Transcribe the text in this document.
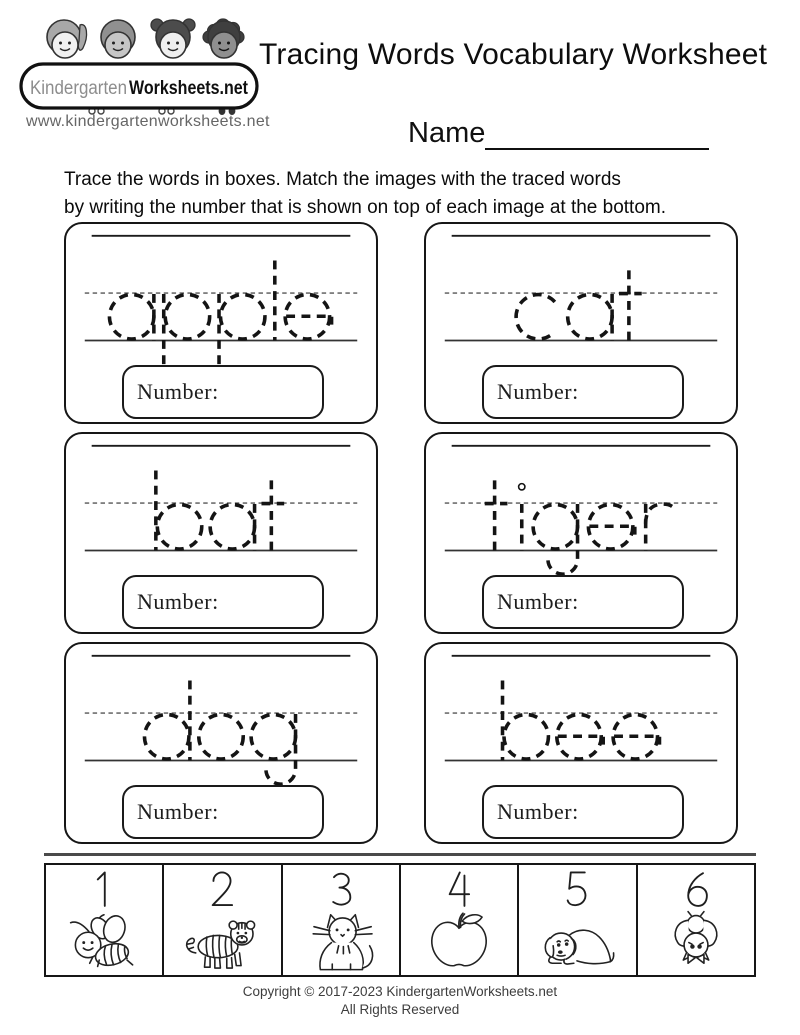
Kindergarten Worksheets.net
www.kindergartenworksheets.net
Tracing Words Vocabulary Worksheet
Name
Trace the words in boxes. Match the images with the traced words
by writing the number that is shown on top of each image at the bottom.
Number:	Number:
Number:	Number:
Number:	Number:
Copyright © 2017-2023 KindergartenWorksheets.net
All Rights Reserved
